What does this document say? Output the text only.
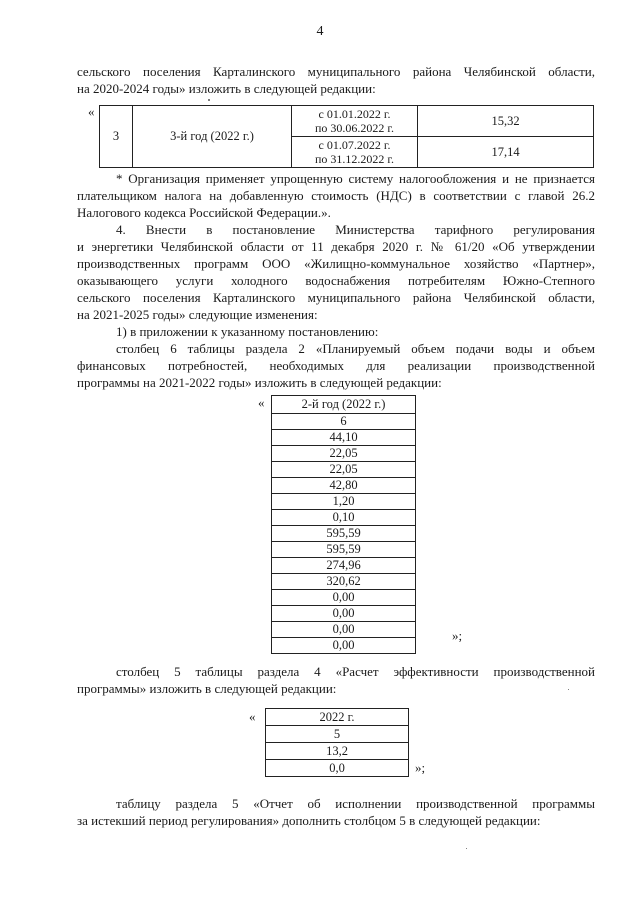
4
сельского поселения Карталинского муниципального района Челябинской области,
на 2020-2024 годы» изложить в следующей редакции:
«
3	3-й год (2022 г.)	с 01.01.2022 г.
по 30.06.2022 г.	15,32

		с 01.07.2022 г.
по 31.12.2022 г.	17,14
* Организация применяет упрощенную систему налогообложения и не признается
плательщиком налога на добавленную стоимость (НДС) в соответствии с главой 26.2
Налогового кодекса Российской Федерации.».
4. Внести в постановление Министерства тарифного регулирования
и энергетики Челябинской области от 11 декабря 2020 г. № 61/20 «Об утверждении
производственных программ ООО «Жилищно-коммунальное хозяйство «Партнер»,
оказывающего услуги холодного водоснабжения потребителям Южно-Степного
сельского поселения Карталинского муниципального района Челябинской области,
на 2021-2025 годы» следующие изменения:
1) в приложении к указанному постановлению:
столбец 6 таблицы раздела 2 «Планируемый объем подачи воды и объем
финансовых потребностей, необходимых для реализации производственной
программы на 2021-2022 годы» изложить в следующей редакции:
«	2-й год (2022 г.)
6
44,10
22,05
22,05
42,80
1,20
0,10
595,59
595,59
274,96
320,62
0,00
0,00
0,00
0,00
»;
столбец 5 таблицы раздела 4 «Расчет эффективности производственной
программы» изложить в следующей редакции:
«	2022 г.
5
13,2
0,0	»;
таблицу раздела 5 «Отчет об исполнении производственной программы
за истекший период регулирования» дополнить столбцом 5 в следующей редакции:
